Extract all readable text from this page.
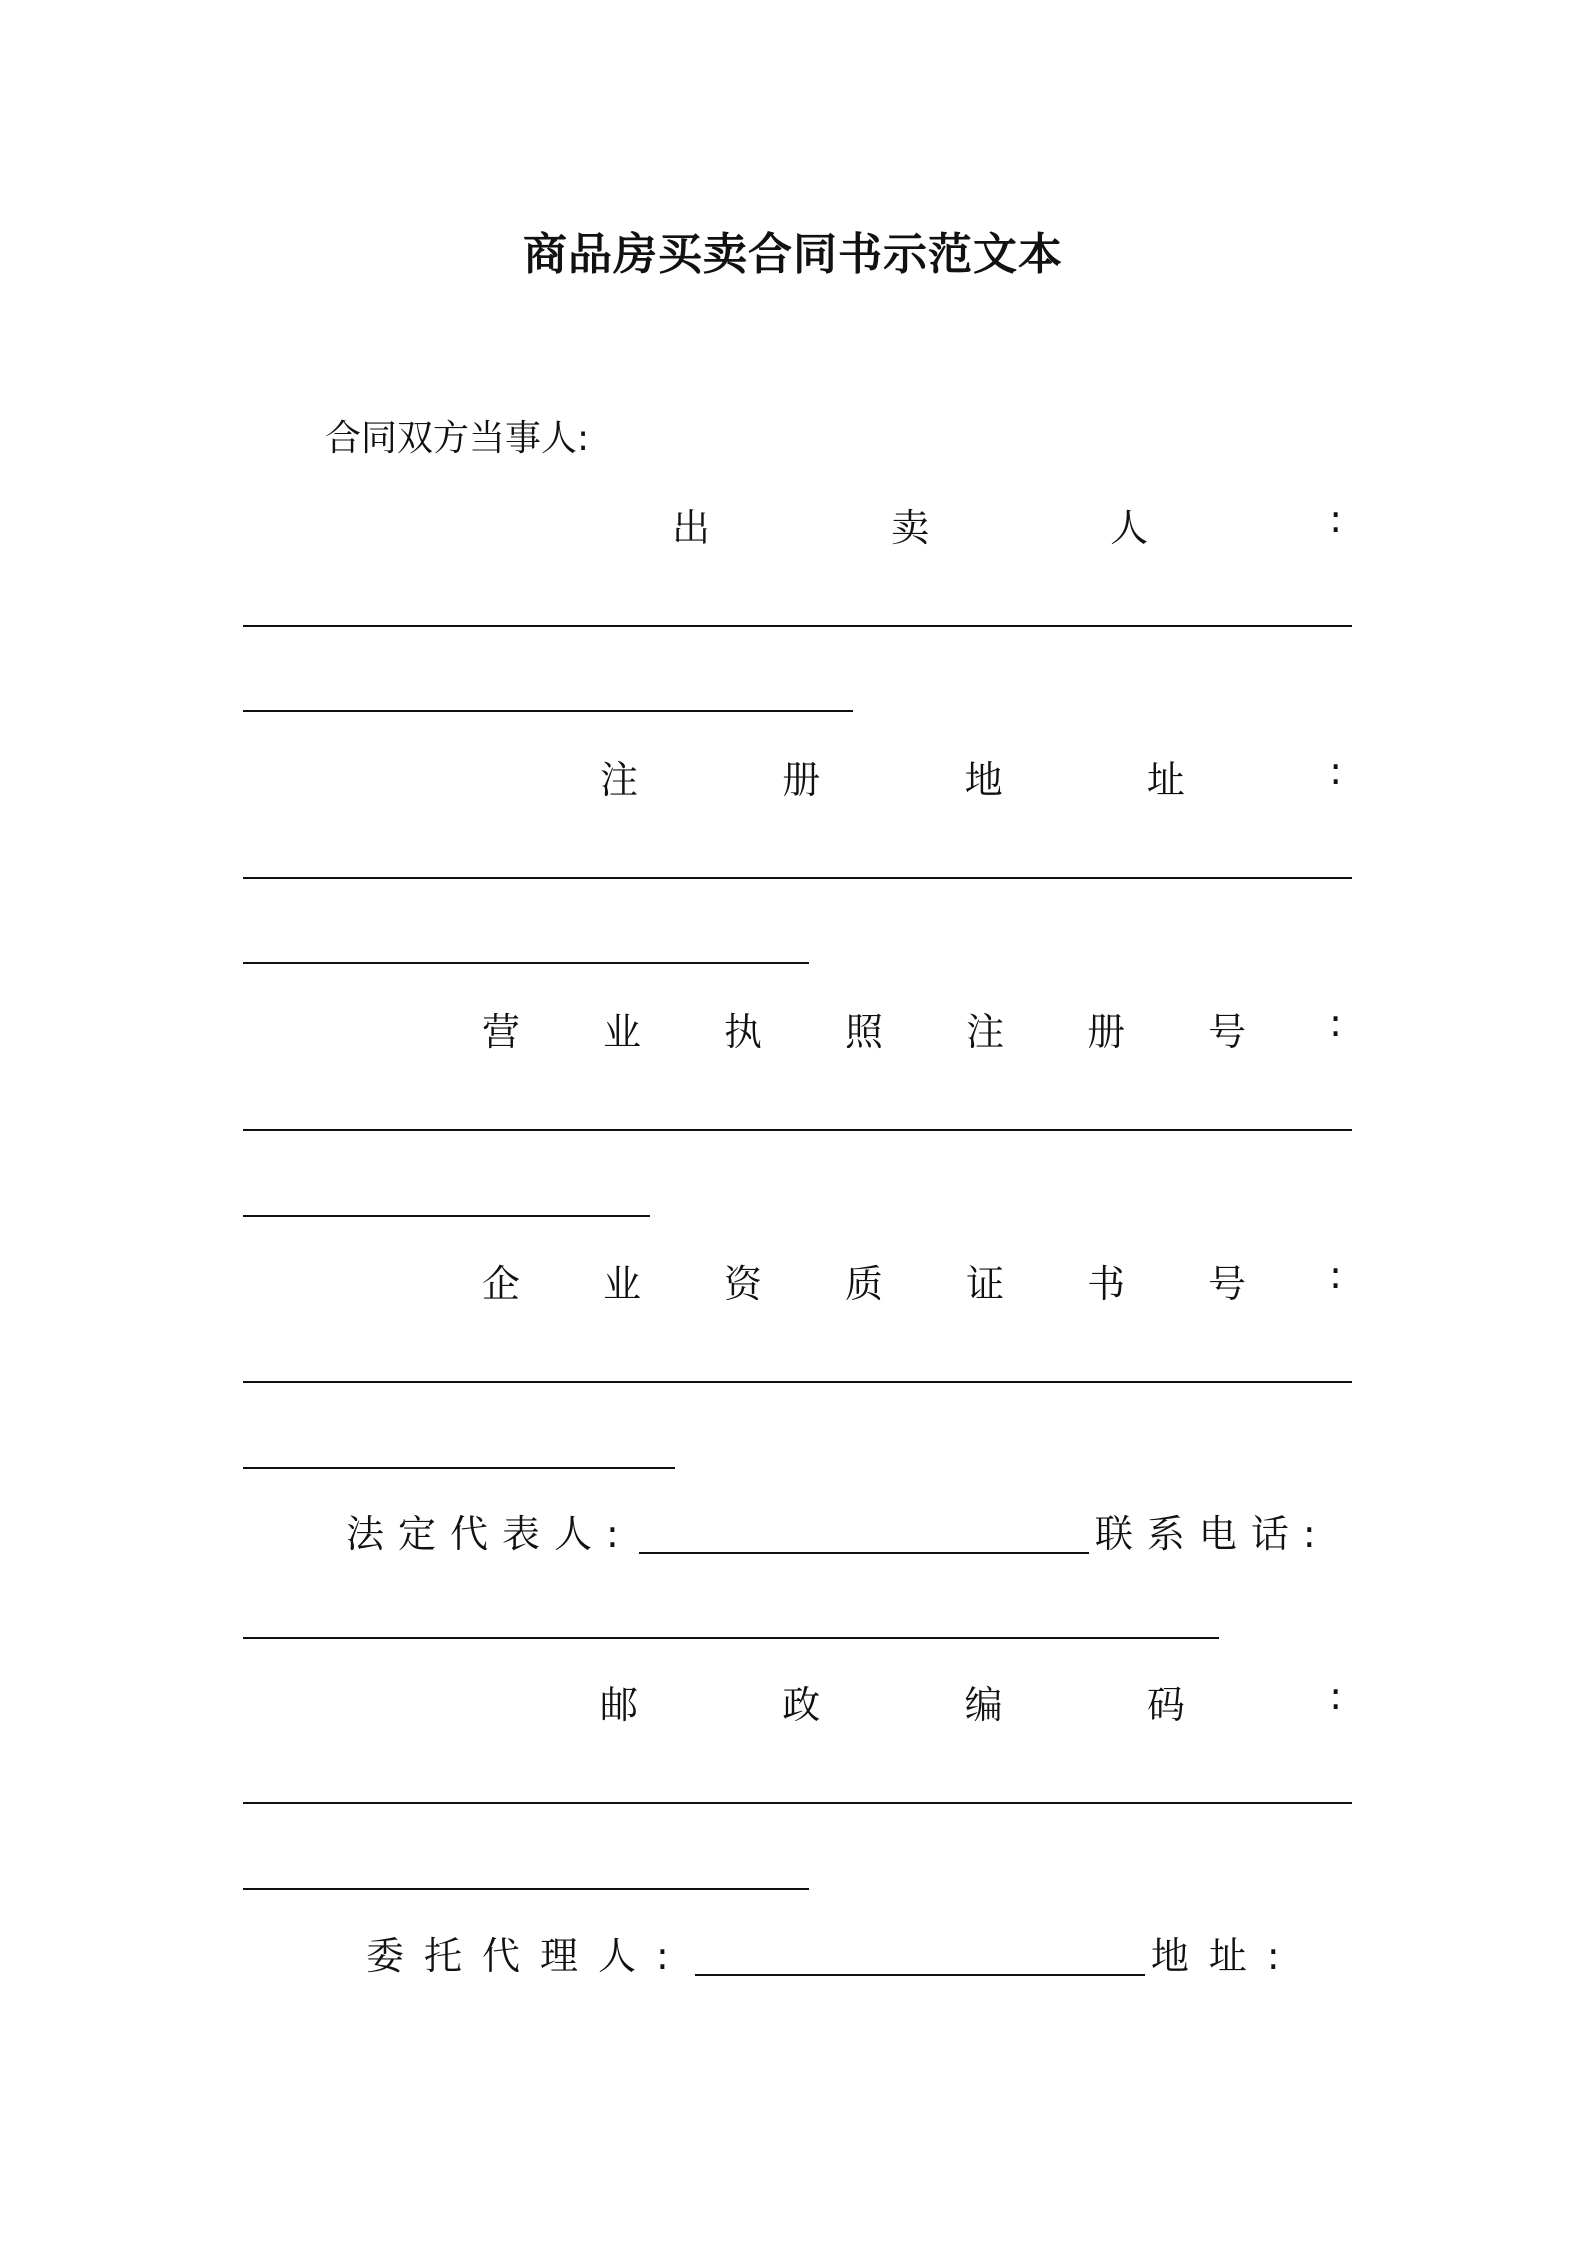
商品房买卖合同书示范文本
合同双方当事人:
出	卖	人	:
注	册	地	址	:
营 业 执 照 注 册 号 :
企 业 资 质 证 书 号 :
法定代表人:	联系电话:
邮	政	编	码	:
委托代理人:	地址:
